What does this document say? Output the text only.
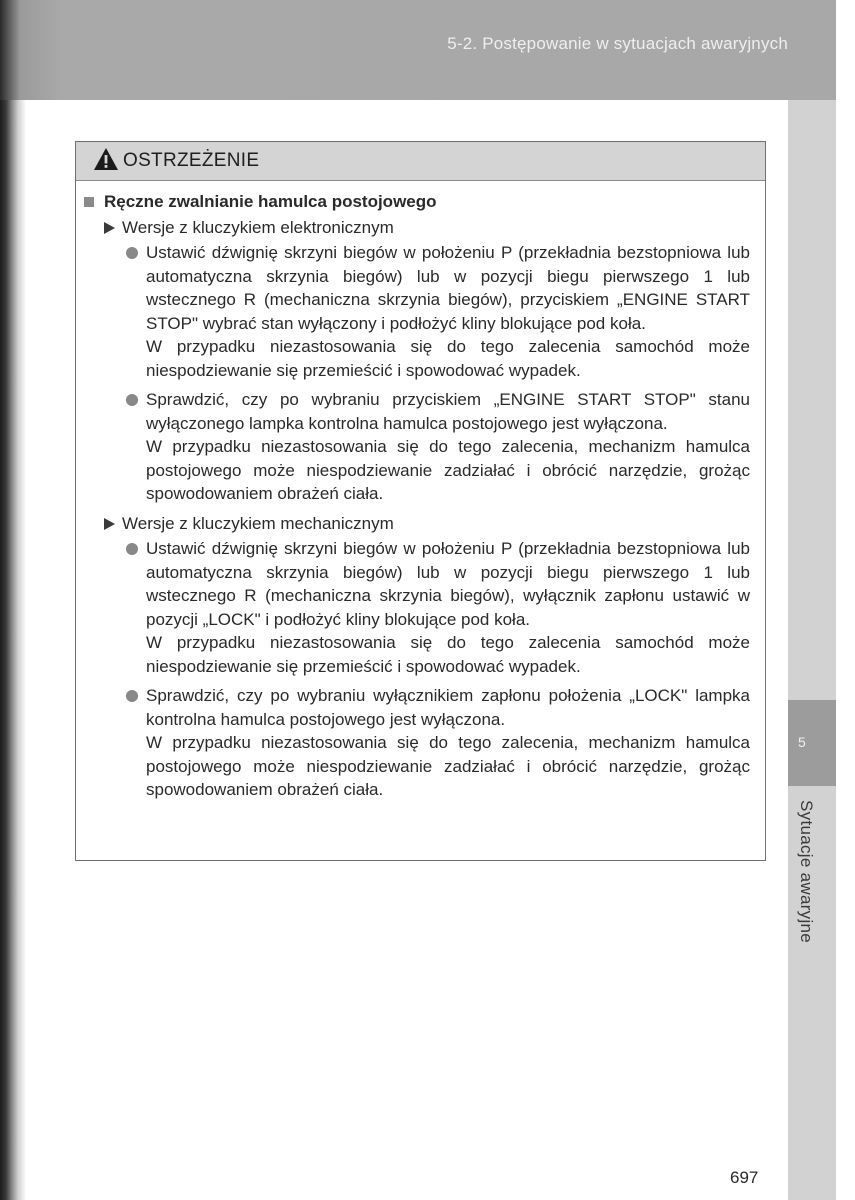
5-2. Postępowanie w sytuacjach awaryjnych
5
Sytuacje awaryjne
OSTRZEŻENIE
Ręczne zwalnianie hamulca postojowego
Wersje z kluczykiem elektronicznym

Ustawić dźwignię skrzyni biegów w położeniu P (przekładnia bezstopniowa lub automatyczna skrzynia biegów) lub w pozycji biegu pierwszego 1 lub wstecznego R (mechaniczna skrzynia biegów), przyciskiem „ENGINE START STOP" wybrać stan wyłączony i podłożyć kliny blokujące pod koła.

W przypadku niezastosowania się do tego zalecenia samochód może niespodziewanie się przemieścić i spowodować wypadek.

Sprawdzić, czy po wybraniu przyciskiem „ENGINE START STOP" stanu wyłączonego lampka kontrolna hamulca postojowego jest wyłączona.

W przypadku niezastosowania się do tego zalecenia, mechanizm hamulca postojowego może niespodziewanie zadziałać i obrócić narzędzie, grożąc spowodowaniem obrażeń ciała.

Wersje z kluczykiem mechanicznym

Ustawić dźwignię skrzyni biegów w położeniu P (przekładnia bezstopniowa lub automatyczna skrzynia biegów) lub w pozycji biegu pierwszego 1 lub wstecznego R (mechaniczna skrzynia biegów), wyłącznik zapłonu ustawić w pozycji „LOCK" i podłożyć kliny blokujące pod koła.

W przypadku niezastosowania się do tego zalecenia samochód może niespodziewanie się przemieścić i spowodować wypadek.

Sprawdzić, czy po wybraniu wyłącznikiem zapłonu położenia „LOCK" lampka kontrolna hamulca postojowego jest wyłączona.

W przypadku niezastosowania się do tego zalecenia, mechanizm hamulca postojowego może niespodziewanie zadziałać i obrócić narzędzie, grożąc spowodowaniem obrażeń ciała.

697
